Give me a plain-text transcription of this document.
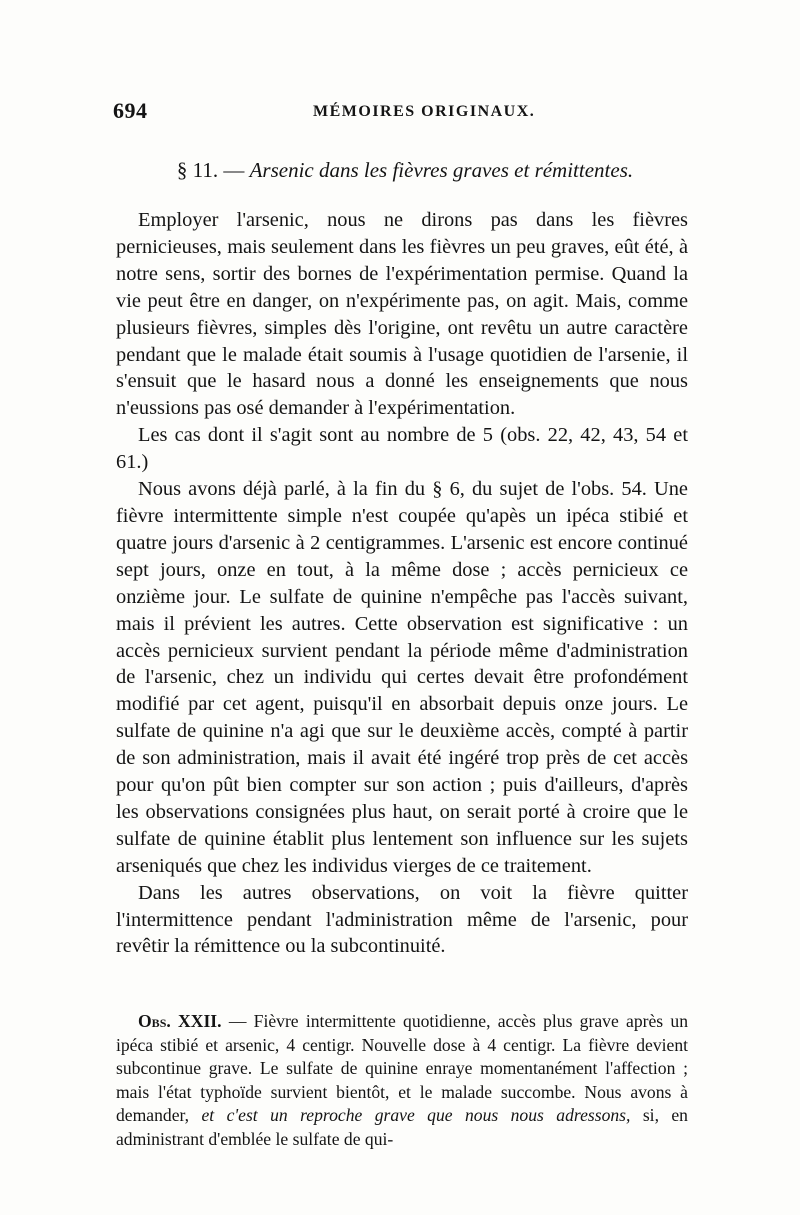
694	MÉMOIRES ORIGINAUX.
§ 11. — Arsenic dans les fièvres graves et rémittentes.

Employer l'arsenic, nous ne dirons pas dans les fièvres pernicieuses, mais seulement dans les fièvres un peu graves, eût été, à notre sens, sortir des bornes de l'expérimentation permise. Quand la vie peut être en danger, on n'expérimente pas, on agit. Mais, comme plusieurs fièvres, simples dès l'origine, ont revêtu un autre caractère pendant que le malade était soumis à l'usage quotidien de l'arsenie, il s'ensuit que le hasard nous a donné les enseignements que nous n'eussions pas osé demander à l'expérimentation.

Les cas dont il s'agit sont au nombre de 5 (obs. 22, 42, 43, 54 et 61.)

Nous avons déjà parlé, à la fin du § 6, du sujet de l'obs. 54. Une fièvre intermittente simple n'est coupée qu'apès un ipéca stibié et quatre jours d'arsenic à 2 centigrammes. L'arsenic est encore continué sept jours, onze en tout, à la même dose ; accès pernicieux ce onzième jour. Le sulfate de quinine n'empêche pas l'accès suivant, mais il prévient les autres. Cette observation est significative : un accès pernicieux survient pendant la période même d'administration de l'arsenic, chez un individu qui certes devait être profondément modifié par cet agent, puisqu'il en absorbait depuis onze jours. Le sulfate de quinine n'a agi que sur le deuxième accès, compté à partir de son administration, mais il avait été ingéré trop près de cet accès pour qu'on pût bien compter sur son action ; puis d'ailleurs, d'après les observations consignées plus haut, on serait porté à croire que le sulfate de quinine établit plus lentement son influence sur les sujets arseniqués que chez les individus vierges de ce traitement.

Dans les autres observations, on voit la fièvre quitter l'intermittence pendant l'administration même de l'arsenic, pour revêtir la rémittence ou la subcontinuité.

Obs. XXII. — Fièvre intermittente quotidienne, accès plus grave après un ipéca stibié et arsenic, 4 centigr. Nouvelle dose à 4 centigr. La fièvre devient subcontinue grave. Le sulfate de quinine enraye momentanément l'affection ; mais l'état typhoïde survient bientôt, et le malade succombe. Nous avons à demander, et c'est un reproche grave que nous nous adressons, si, en administrant d'emblée le sulfate de qui-
